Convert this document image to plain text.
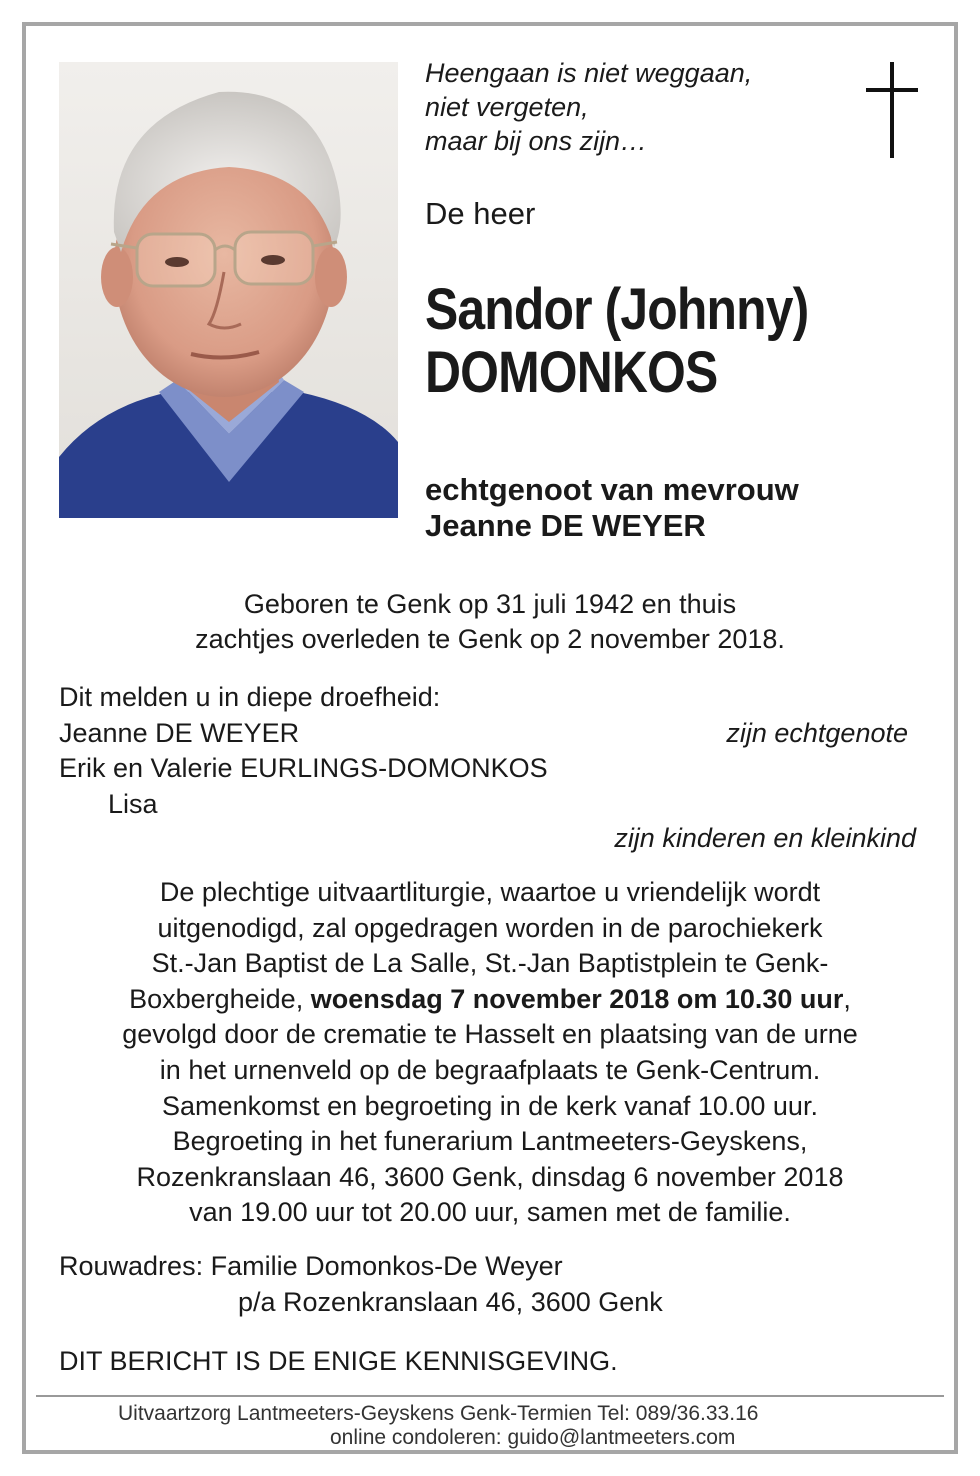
Heengaan is niet weggaan,
niet vergeten,
maar bij ons zijn…
De heer
Sandor (Johnny)
DOMONKOS
echtgenoot van mevrouw
Jeanne DE WEYER
Geboren te Genk op 31 juli 1942 en thuis
zachtjes overleden te Genk op 2 november 2018.
Dit melden u in diepe droefheid:
Jeanne DE WEYER	zijn echtgenote
Erik en Valerie EURLINGS-DOMONKOS
Lisa
zijn kinderen en kleinkind
De plechtige uitvaartliturgie, waartoe u vriendelijk wordt
uitgenodigd, zal opgedragen worden in de parochiekerk
St.-Jan Baptist de La Salle, St.-Jan Baptistplein te Genk-
Boxbergheide, woensdag 7 november 2018 om 10.30 uur,
gevolgd door de crematie te Hasselt en plaatsing van de urne
in het urnenveld op de begraafplaats te Genk-Centrum.
Samenkomst en begroeting in de kerk vanaf 10.00 uur.
Begroeting in het funerarium Lantmeeters-Geyskens,
Rozenkranslaan 46, 3600 Genk, dinsdag 6 november 2018
van 19.00 uur tot 20.00 uur, samen met de familie.
Rouwadres: Familie Domonkos-De Weyer
p/a Rozenkranslaan 46, 3600 Genk
DIT BERICHT IS DE ENIGE KENNISGEVING.
Uitvaartzorg Lantmeeters-Geyskens Genk-Termien Tel: 089/36.33.16
online condoleren: guido@lantmeeters.com
